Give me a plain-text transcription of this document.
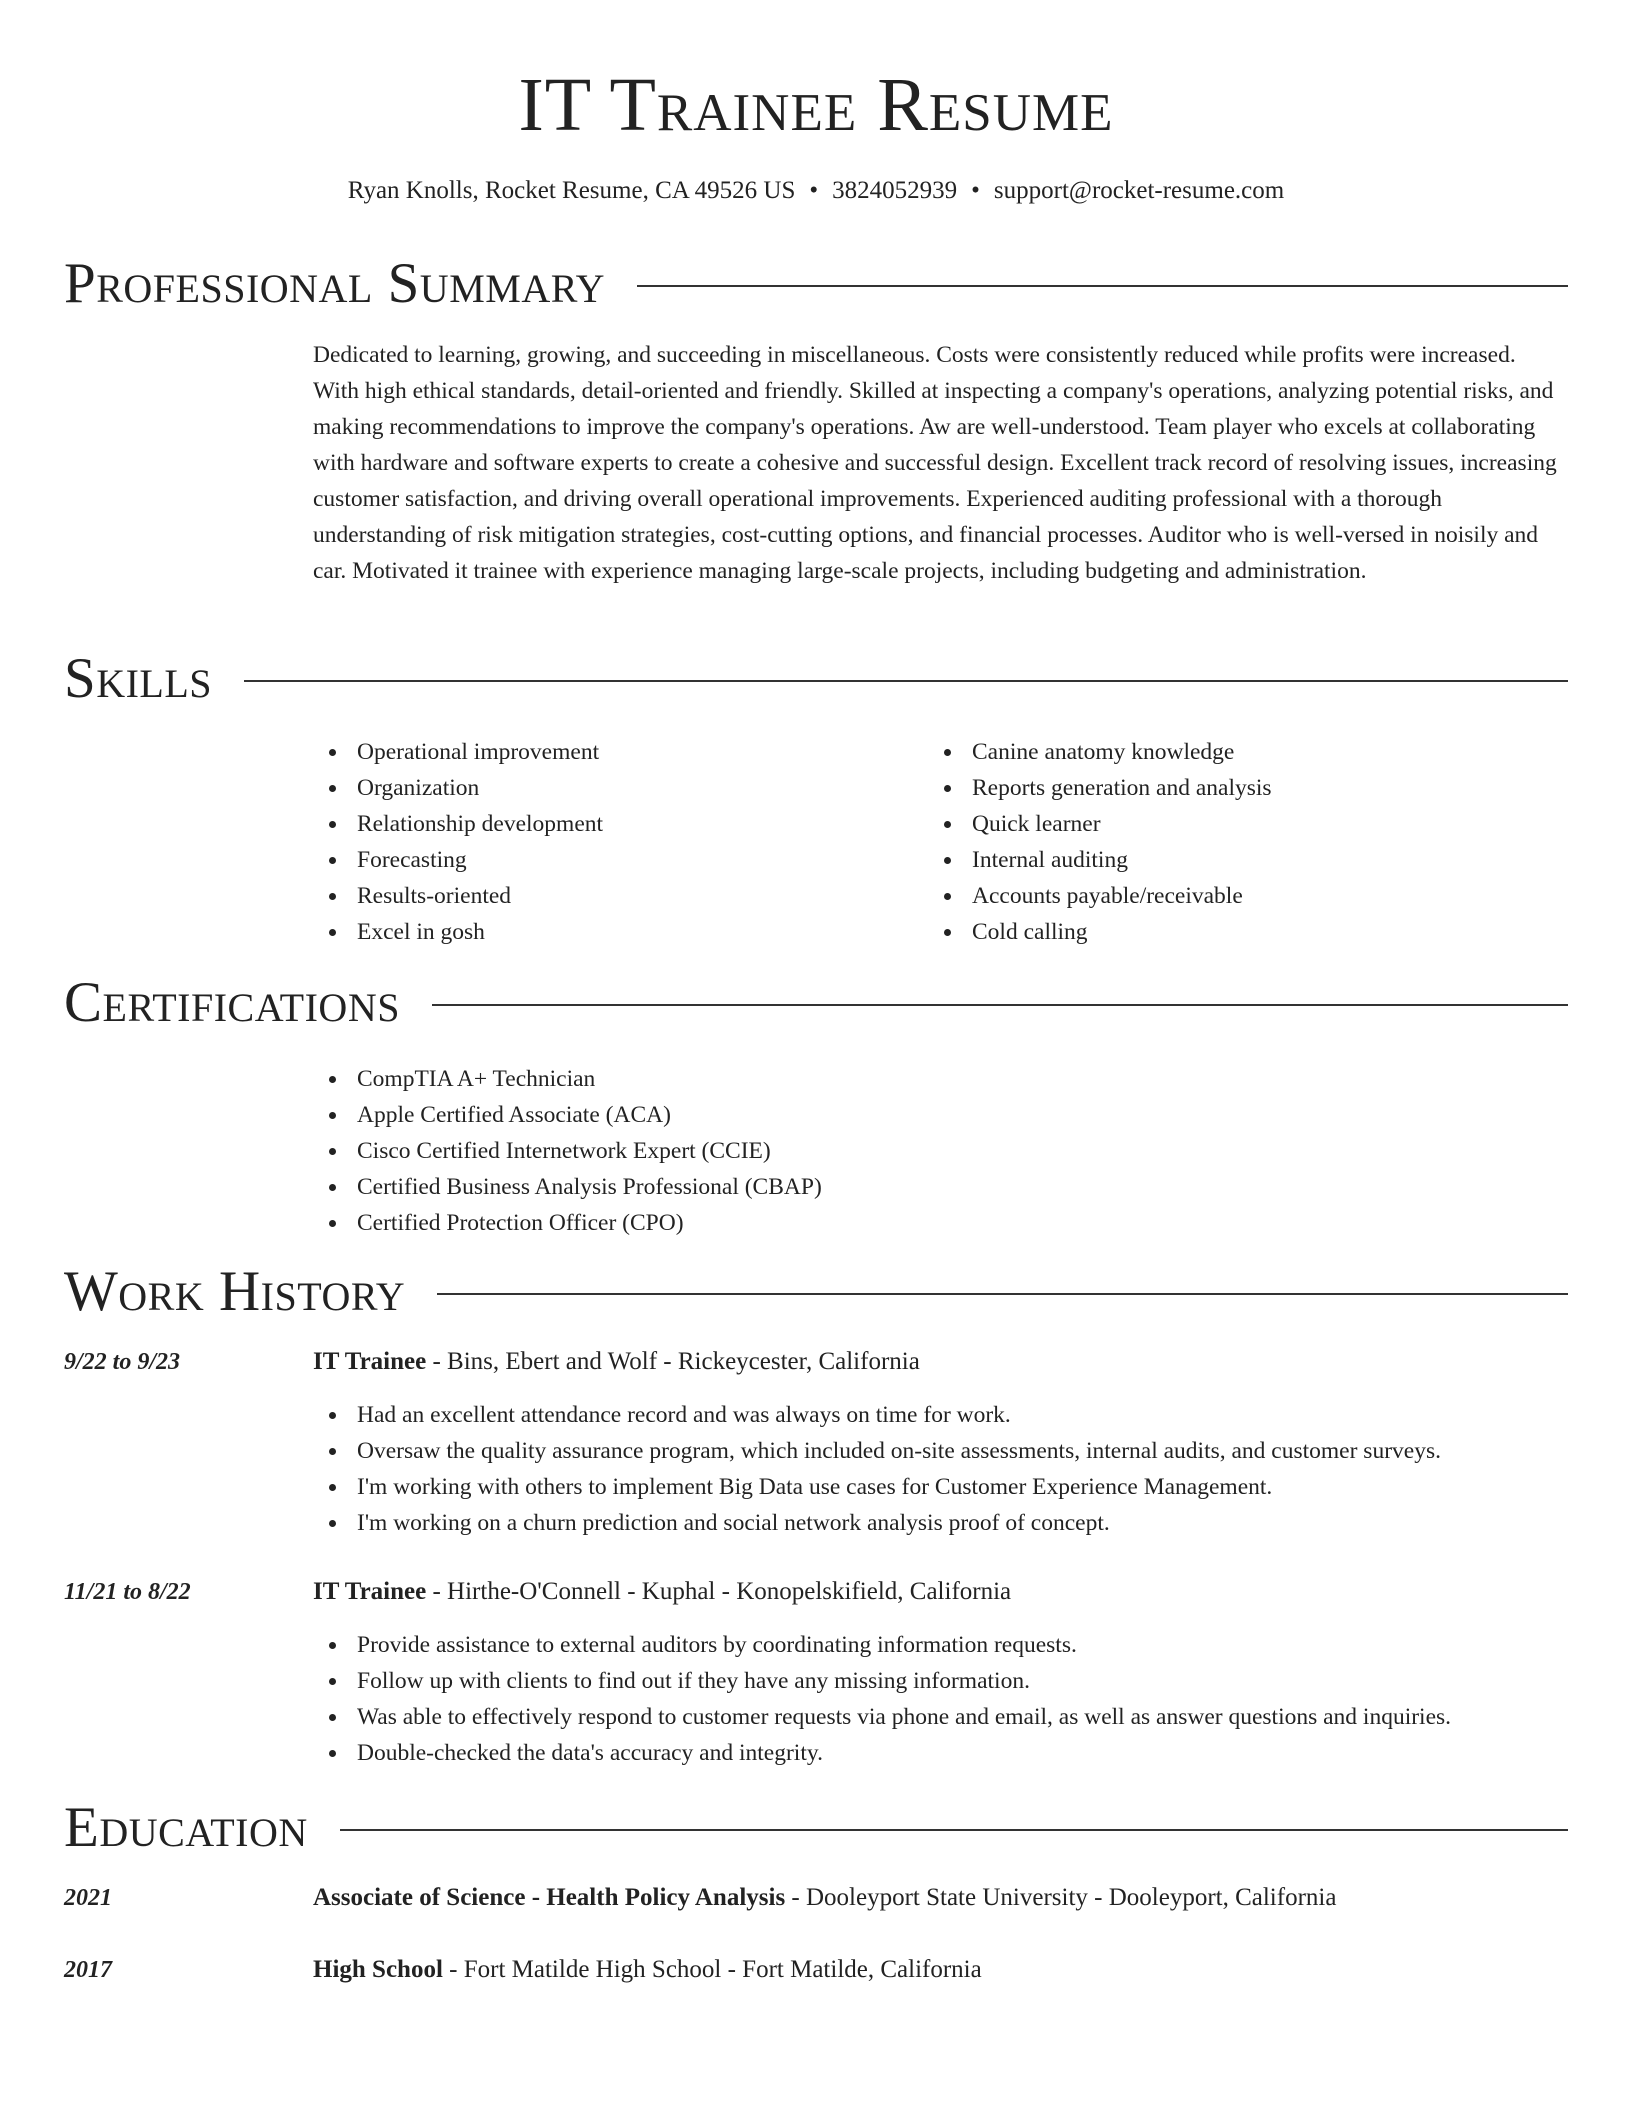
IT Trainee Resume
Ryan Knolls, Rocket Resume, CA 49526 US • 3824052939 • support@rocket-resume.com
Professional Summary

Dedicated to learning, growing, and succeeding in miscellaneous. Costs were consistently reduced while profits were increased. With high ethical standards, detail-oriented and friendly. Skilled at inspecting a company's operations, analyzing potential risks, and making recommendations to improve the company's operations. Aw are well-understood. Team player who excels at collaborating with hardware and software experts to create a cohesive and successful design. Excellent track record of resolving issues, increasing customer satisfaction, and driving overall operational improvements. Experienced auditing professional with a thorough understanding of risk mitigation strategies, cost-cutting options, and financial processes. Auditor who is well-versed in noisily and car. Motivated it trainee with experience managing large-scale projects, including budgeting and administration.

Skills
Operational improvement
Organization
Relationship development
Forecasting
Results-oriented
Excel in gosh
Canine anatomy knowledge
Reports generation and analysis
Quick learner
Internal auditing
Accounts payable/receivable
Cold calling
Certifications
CompTIA A+ Technician
Apple Certified Associate (ACA)
Cisco Certified Internetwork Expert (CCIE)
Certified Business Analysis Professional (CBAP)
Certified Protection Officer (CPO)
Work History
9/22 to 9/23	IT Trainee - Bins, Ebert and Wolf - Rickeycester, California
Had an excellent attendance record and was always on time for work.
Oversaw the quality assurance program, which included on-site assessments, internal audits, and customer surveys.
I'm working with others to implement Big Data use cases for Customer Experience Management.
I'm working on a churn prediction and social network analysis proof of concept.
11/21 to 8/22	IT Trainee - Hirthe-O'Connell - Kuphal - Konopelskifield, California
Provide assistance to external auditors by coordinating information requests.
Follow up with clients to find out if they have any missing information.
Was able to effectively respond to customer requests via phone and email, as well as answer questions and inquiries.
Double-checked the data's accuracy and integrity.
Education
2021	Associate of Science - Health Policy Analysis - Dooleyport State University - Dooleyport, California
2017	High School - Fort Matilde High School - Fort Matilde, California
